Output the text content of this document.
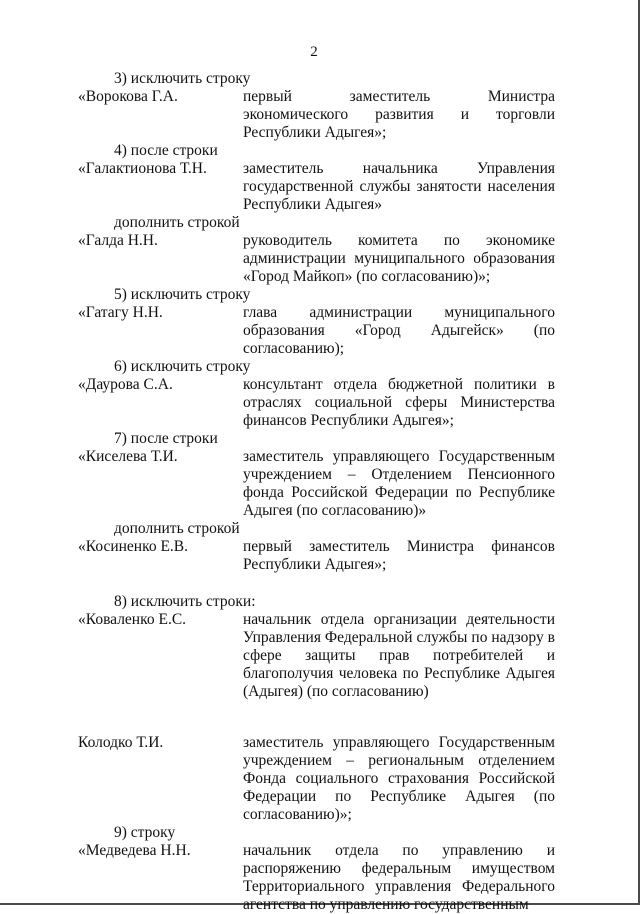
2
3) исключить строку
«Ворокова Г.А.	первый заместитель Министра экономического развития и торговли Республики Адыгея»;
4) после строки
«Галактионова Т.Н.	заместитель начальника Управления государственной службы занятости населения Республики Адыгея»
дополнить строкой
«Галда Н.Н.	руководитель комитета по экономике администрации муниципального образования «Город Майкоп» (по согласованию)»;
5) исключить строку
«Гатагу Н.Н.	глава администрации муниципального образования «Город Адыгейск» (по согласованию);
6) исключить строку
«Даурова С.А.	консультант отдела бюджетной политики в отраслях социальной сферы Министерства финансов Республики Адыгея»;
7) после строки
«Киселева Т.И.	заместитель управляющего Государственным учреждением – Отделением Пенсионного фонда Российской Федерации по Республике Адыгея (по согласованию)»
дополнить строкой
«Косиненко Е.В.	первый заместитель Министра финансов Республики Адыгея»;
8) исключить строки:
«Коваленко Е.С.	начальник отдела организации деятельности Управления Федеральной службы по надзору в сфере защиты прав потребителей и благополучия человека по Республике Адыгея (Адыгея) (по согласованию)
Колодко Т.И.	заместитель управляющего Государственным учреждением – региональным отделением Фонда социального страхования Российской Федерации по Республике Адыгея (по согласованию)»;
9) строку
«Медведева Н.Н.	начальник отдела по управлению и распоряжению федеральным имуществом Территориального управления Федерального агентства по управлению государственным
